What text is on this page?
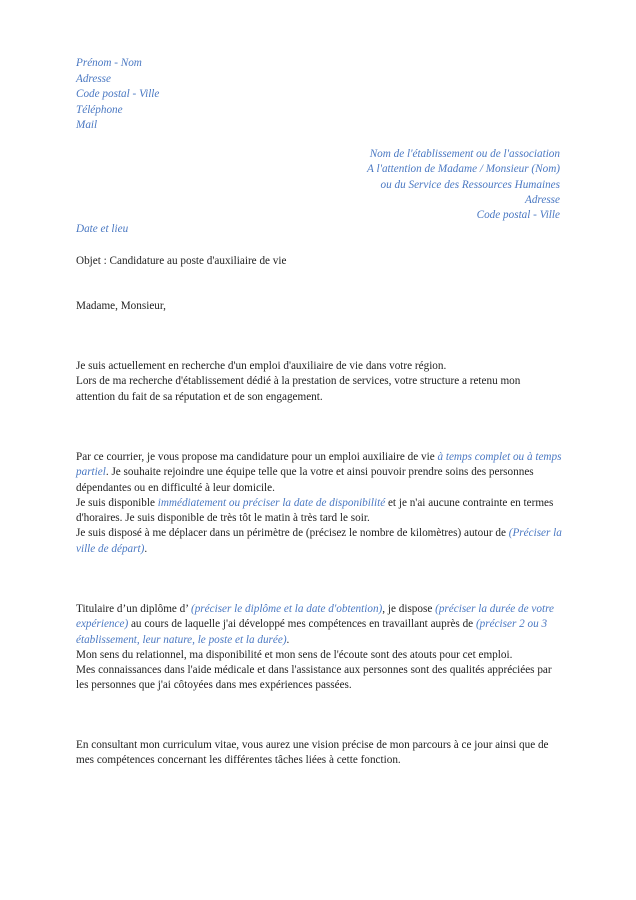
Prénom - Nom
Adresse
Code postal - Ville
Téléphone
Mail
Nom de l'établissement ou de l'association
A l'attention de Madame / Monsieur (Nom)
ou du Service des Ressources Humaines
Adresse
Code postal - Ville
Date et lieu
Objet : Candidature au poste d'auxiliaire de vie
Madame, Monsieur,
Je suis actuellement en recherche d'un emploi d'auxiliaire de vie dans votre région.
Lors de ma recherche d'établissement dédié à la prestation de services, votre structure a retenu mon attention du fait de sa réputation et de son engagement.
Par ce courrier, je vous propose ma candidature pour un emploi auxiliaire de vie à temps complet ou à temps partiel. Je souhaite rejoindre une équipe telle que la votre et ainsi pouvoir prendre soins des personnes dépendantes ou en difficulté à leur domicile.
Je suis disponible immédiatement ou préciser la date de disponibilité et je n'ai aucune contrainte en termes d'horaires. Je suis disponible de très tôt le matin à très tard le soir.
Je suis disposé à me déplacer dans un périmètre de (précisez le nombre de kilomètres) autour de (Préciser la ville de départ).
Titulaire d’un diplôme d’ (préciser le diplôme et la date d'obtention), je dispose (préciser la durée de votre expérience) au cours de laquelle j'ai développé mes compétences en travaillant auprès de (préciser 2 ou 3 établissement, leur nature, le poste et la durée).
Mon sens du relationnel, ma disponibilité et mon sens de l'écoute sont des atouts pour cet emploi.
Mes connaissances dans l'aide médicale et dans l'assistance aux personnes sont des qualités appréciées par les personnes que j'ai côtoyées dans mes expériences passées.
En consultant mon curriculum vitae, vous aurez une vision précise de mon parcours à ce jour ainsi que de mes compétences concernant les différentes tâches liées à cette fonction.
